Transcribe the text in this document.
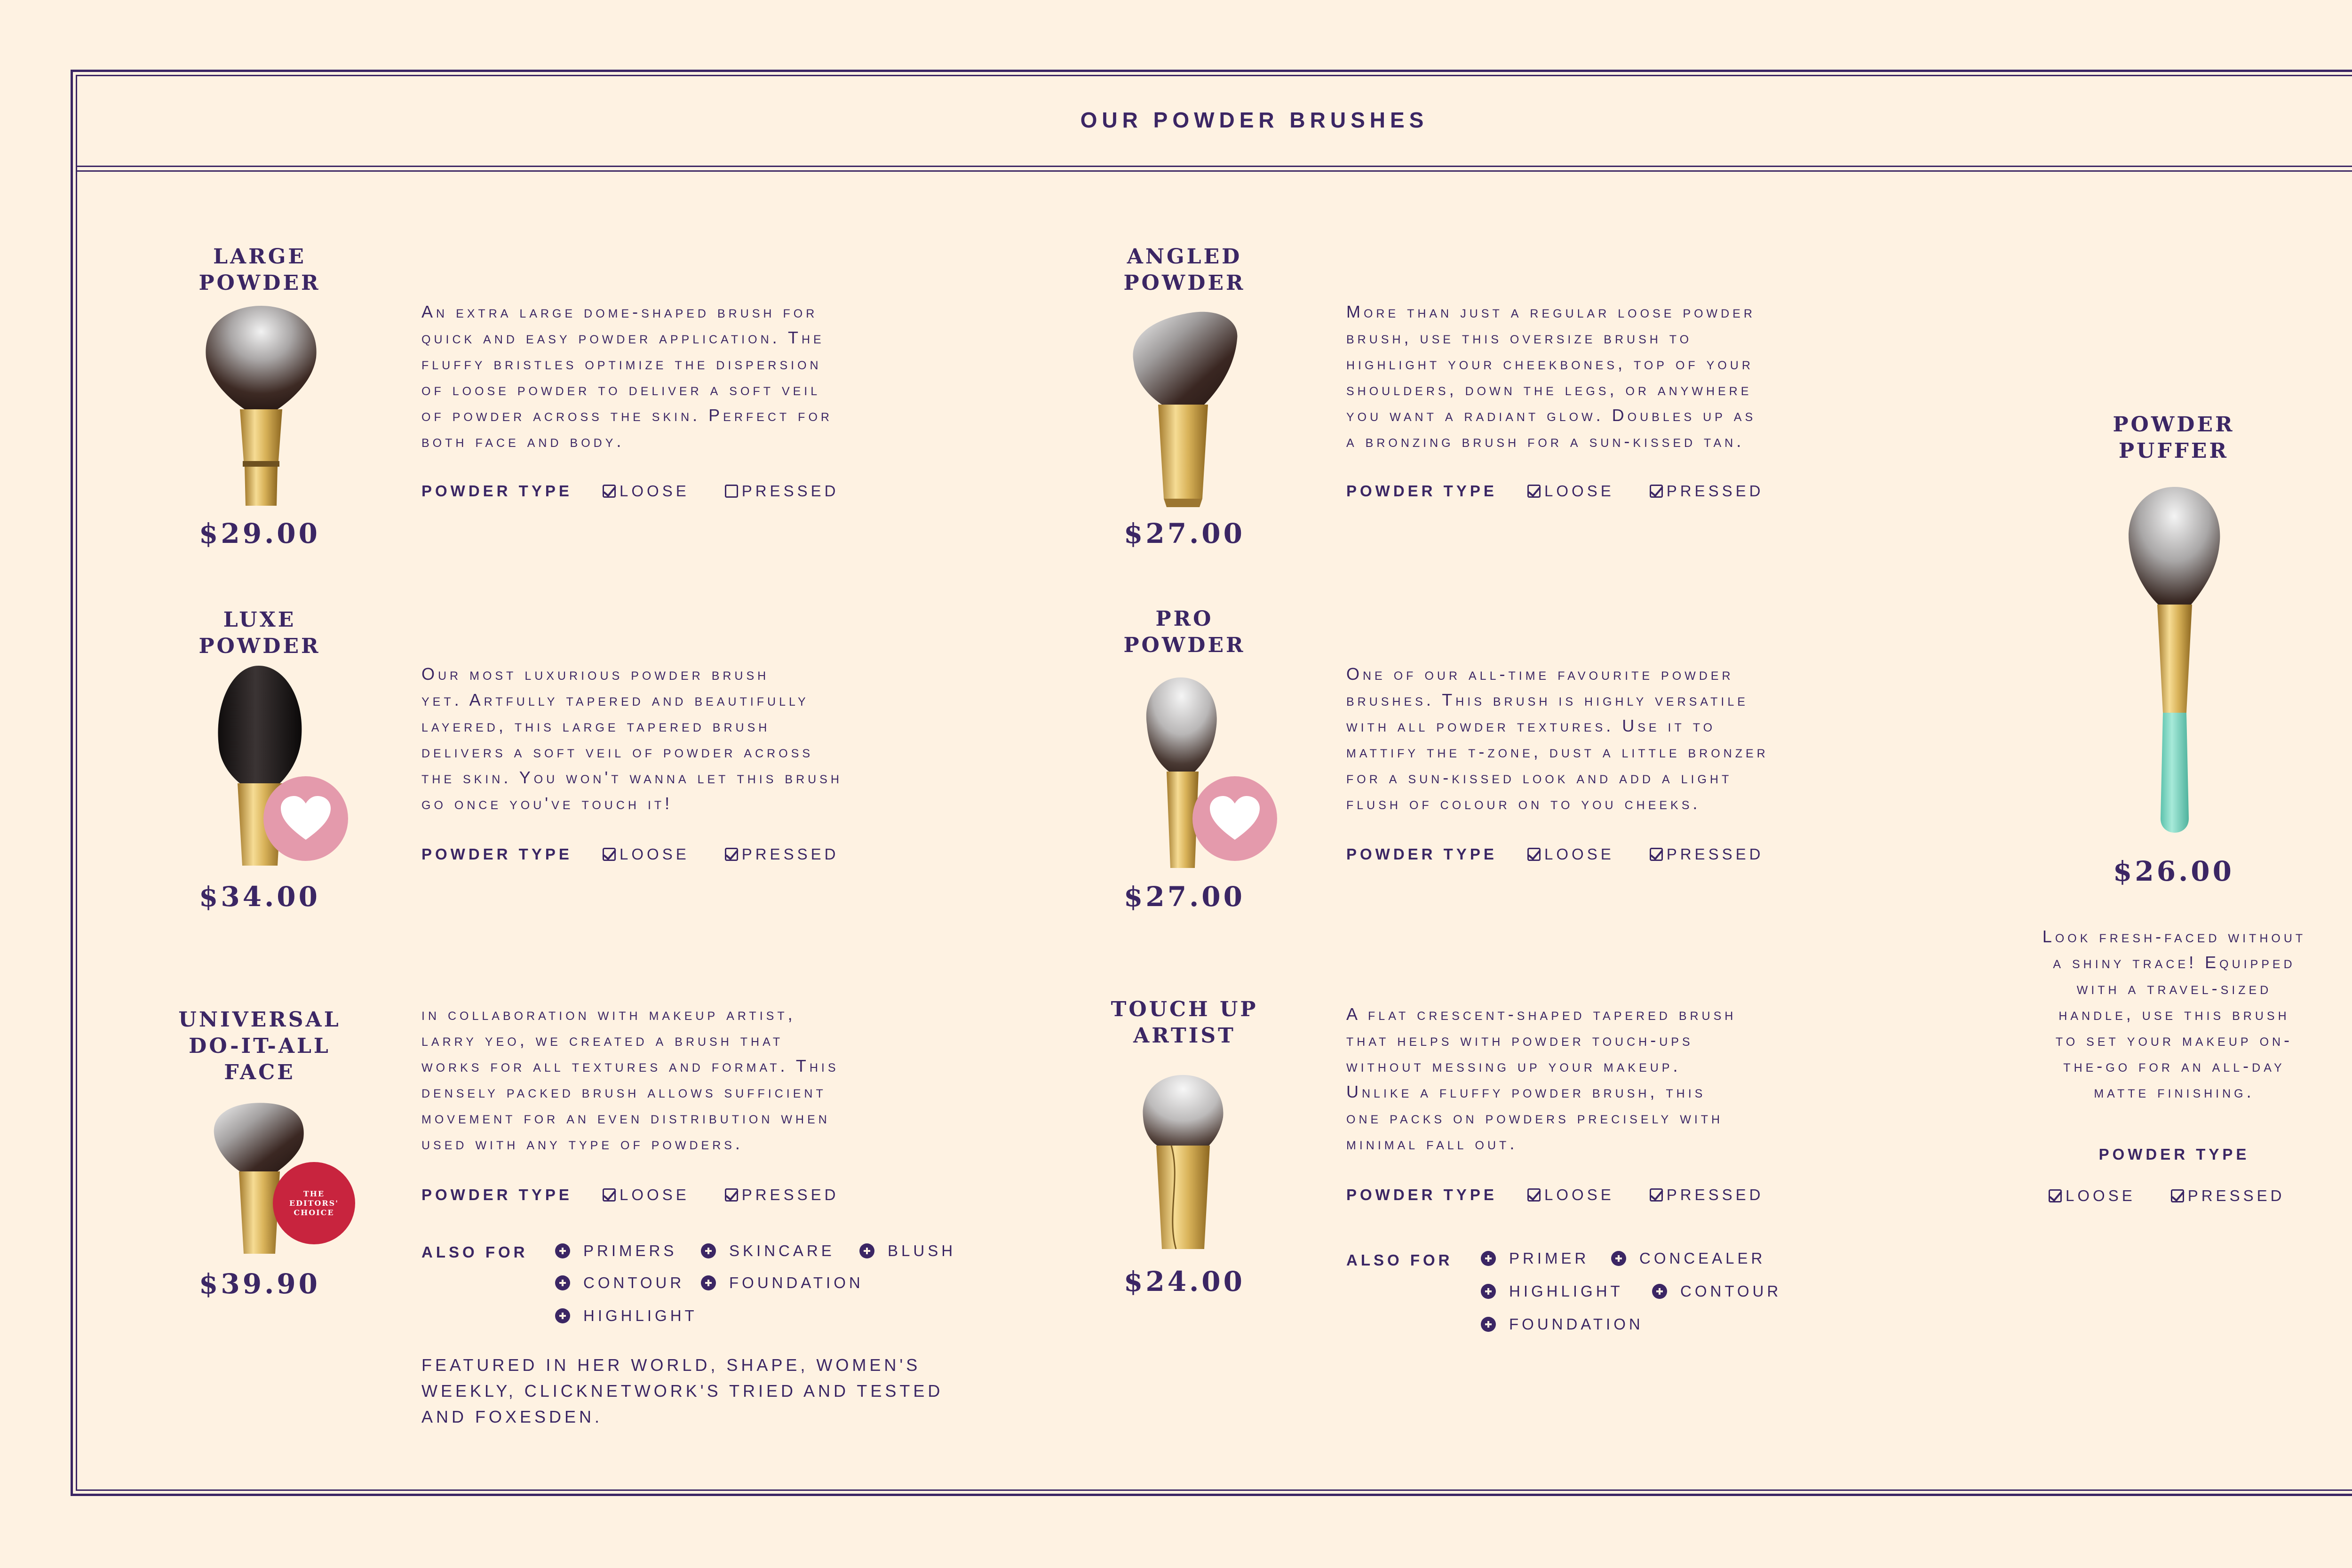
OUR POWDER BRUSHES
LARGE
POWDER
$29.00
An extra large dome-shaped brush for
quick and easy powder application. The
fluffy bristles optimize the dispersion
of loose powder to deliver a soft veil
of powder across the skin. Perfect for
both face and body.
POWDER TYPE	LOOSE	PRESSED
ANGLED
POWDER
$27.00
More than just a regular loose powder
brush, use this oversize brush to
highlight your cheekbones, top of your
shoulders, down the legs, or anywhere
you want a radiant glow. Doubles up as
a bronzing brush for a sun-kissed tan.
POWDER TYPE	LOOSE	PRESSED
LUXE
POWDER
$34.00
Our most luxurious powder brush
yet. Artfully tapered and beautifully
layered, this large tapered brush
delivers a soft veil of powder across
the skin. You won't wanna let this brush
go once you've touch it!
POWDER TYPE	LOOSE	PRESSED
PRO
POWDER
$27.00
One of our all-time favourite powder
brushes. This brush is highly versatile
with all powder textures. Use it to
mattify the t-zone, dust a little bronzer
for a sun-kissed look and add a light
flush of colour on to you cheeks.
POWDER TYPE	LOOSE	PRESSED
UNIVERSAL
DO-IT-ALL
FACE
THE EDITORS' CHOICE
$39.90
in collaboration with makeup artist,
larry yeo, we created a brush that
works for all textures and format. This
densely packed brush allows sufficient
movement for an even distribution when
used with any type of powders.
POWDER TYPE	LOOSE	PRESSED
ALSO FOR	PRIMERS	SKINCARE	BLUSH
CONTOUR	FOUNDATION
HIGHLIGHT
FEATURED IN HER WORLD, SHAPE, WOMEN'S
WEEKLY, CLICKNETWORK'S TRIED AND TESTED
AND FOXESDEN.
TOUCH UP
ARTIST
$24.00
A flat crescent-shaped tapered brush
that helps with powder touch-ups
without messing up your makeup.
Unlike a fluffy powder brush, this
one packs on powders precisely with
minimal fall out.
POWDER TYPE	LOOSE	PRESSED
ALSO FOR	PRIMER	CONCEALER
HIGHLIGHT	CONTOUR
FOUNDATION
POWDER
PUFFER
$26.00
Look fresh-faced without
a shiny trace! Equipped
with a travel-sized
handle, use this brush
to set your makeup on-
the-go for an all-day
matte finishing.
POWDER TYPE
LOOSE	PRESSED
